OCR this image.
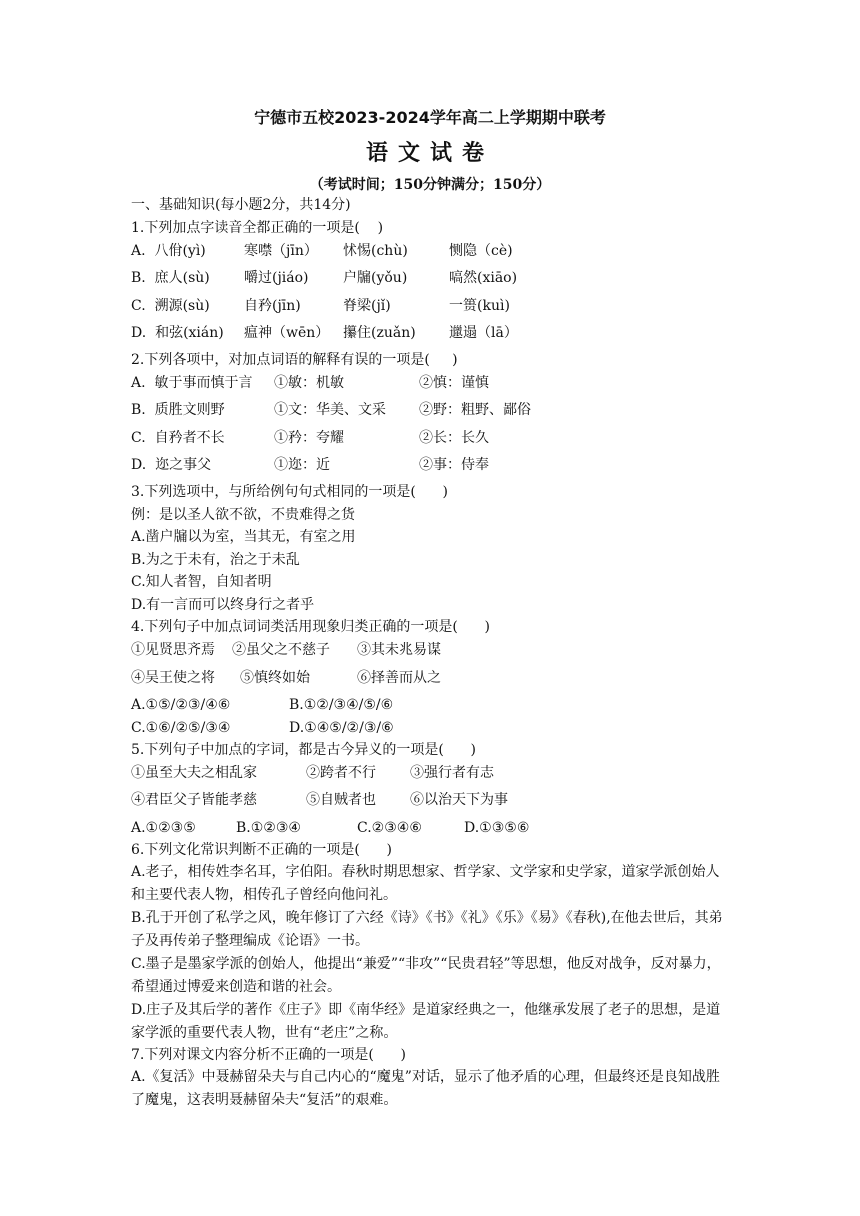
宁德市五校2023-2024学年高二上学期期中联考
语文试卷
（考试时间；150分钟满分；150分）
一、基础知识(每小题2分，共14分)
1.下列加点字读音全都正确的一项是(    )
A.  八佾(yì)	寒噤（jīn） 怵惕(chù)	恻隐（cè)
B.  庶人(sù) 嚼过(jiáo) 户牖(yǒu)	嗃然(xiāo)
C.  溯源(sù) 自矜(jīn)	脊梁(jǐ)	一篑(kuì)
D.  和弦(xián) 瘟神（wēn） 攥住(zuǎn) 邋遢（lā）
2.下列各项中，对加点词语的解释有误的一项是(     )
A.  敏于事而慎于言 ①敏：机敏	②慎：谨慎
B.  质胜文则野	①文：华美、文采 ②野：粗野、鄙俗
C.  自矜者不长	①矜：夸耀	②长：长久
D.  迩之事父	①迩：近	②事：侍奉
3.下列选项中，与所给例句句式相同的一项是(      )
例：是以圣人欲不欲，不贵难得之货
A.凿户牖以为室，当其无，有室之用
B.为之于未有，治之于未乱
C.知人者智，自知者明
D.有一言而可以终身行之者乎
4.下列句子中加点词词类活用现象归类正确的一项是(      )
①见贤思齐焉 ②虽父之不慈子 ③其未兆易谋
④吴王使之将 ⑤慎终如始	⑥择善而从之
A.①⑤/②③/④⑥	B.①②/③④/⑤/⑥
C.①⑥/②⑤/③④	D.①④⑤/②/③/⑥
5.下列句子中加点的字词，都是古今异义的一项是(      )
①虽至大夫之相乱家	②跨者不行 ③强行者有志
④君臣父子皆能孝慈	⑤自贼者也 ⑥以治天下为事
A.①②③⑤	B.①②③④	C.②③④⑥	D.①③⑤⑥
6.下列文化常识判断不正确的一项是(      )
A.老子，相传姓李名耳，字伯阳。春秋时期思想家、哲学家、文学家和史学家，道家学派创始人和主要代表人物，相传孔子曾经向他问礼。
B.孔于开创了私学之风，晚年修订了六经《诗》《书》《礼》《乐》《易》《春秋),在他去世后，其弟子及再传弟子整理编成《论语》一书。
C.墨子是墨家学派的创始人，他提出“兼爱”“非攻”“民贵君轻”等思想，他反对战争，反对暴力，希望通过博爱来创造和谐的社会。
D.庄子及其后学的著作《庄子》即《南华经》是道家经典之一，他继承发展了老子的思想，是道家学派的重要代表人物，世有“老庄”之称。
7.下列对课文内容分析不正确的一项是(      )
A.《复活》中聂赫留朵夫与自己内心的“魔鬼”对话，显示了他矛盾的心理，但最终还是良知战胜了魔鬼，这表明聂赫留朵夫“复活”的艰难。
